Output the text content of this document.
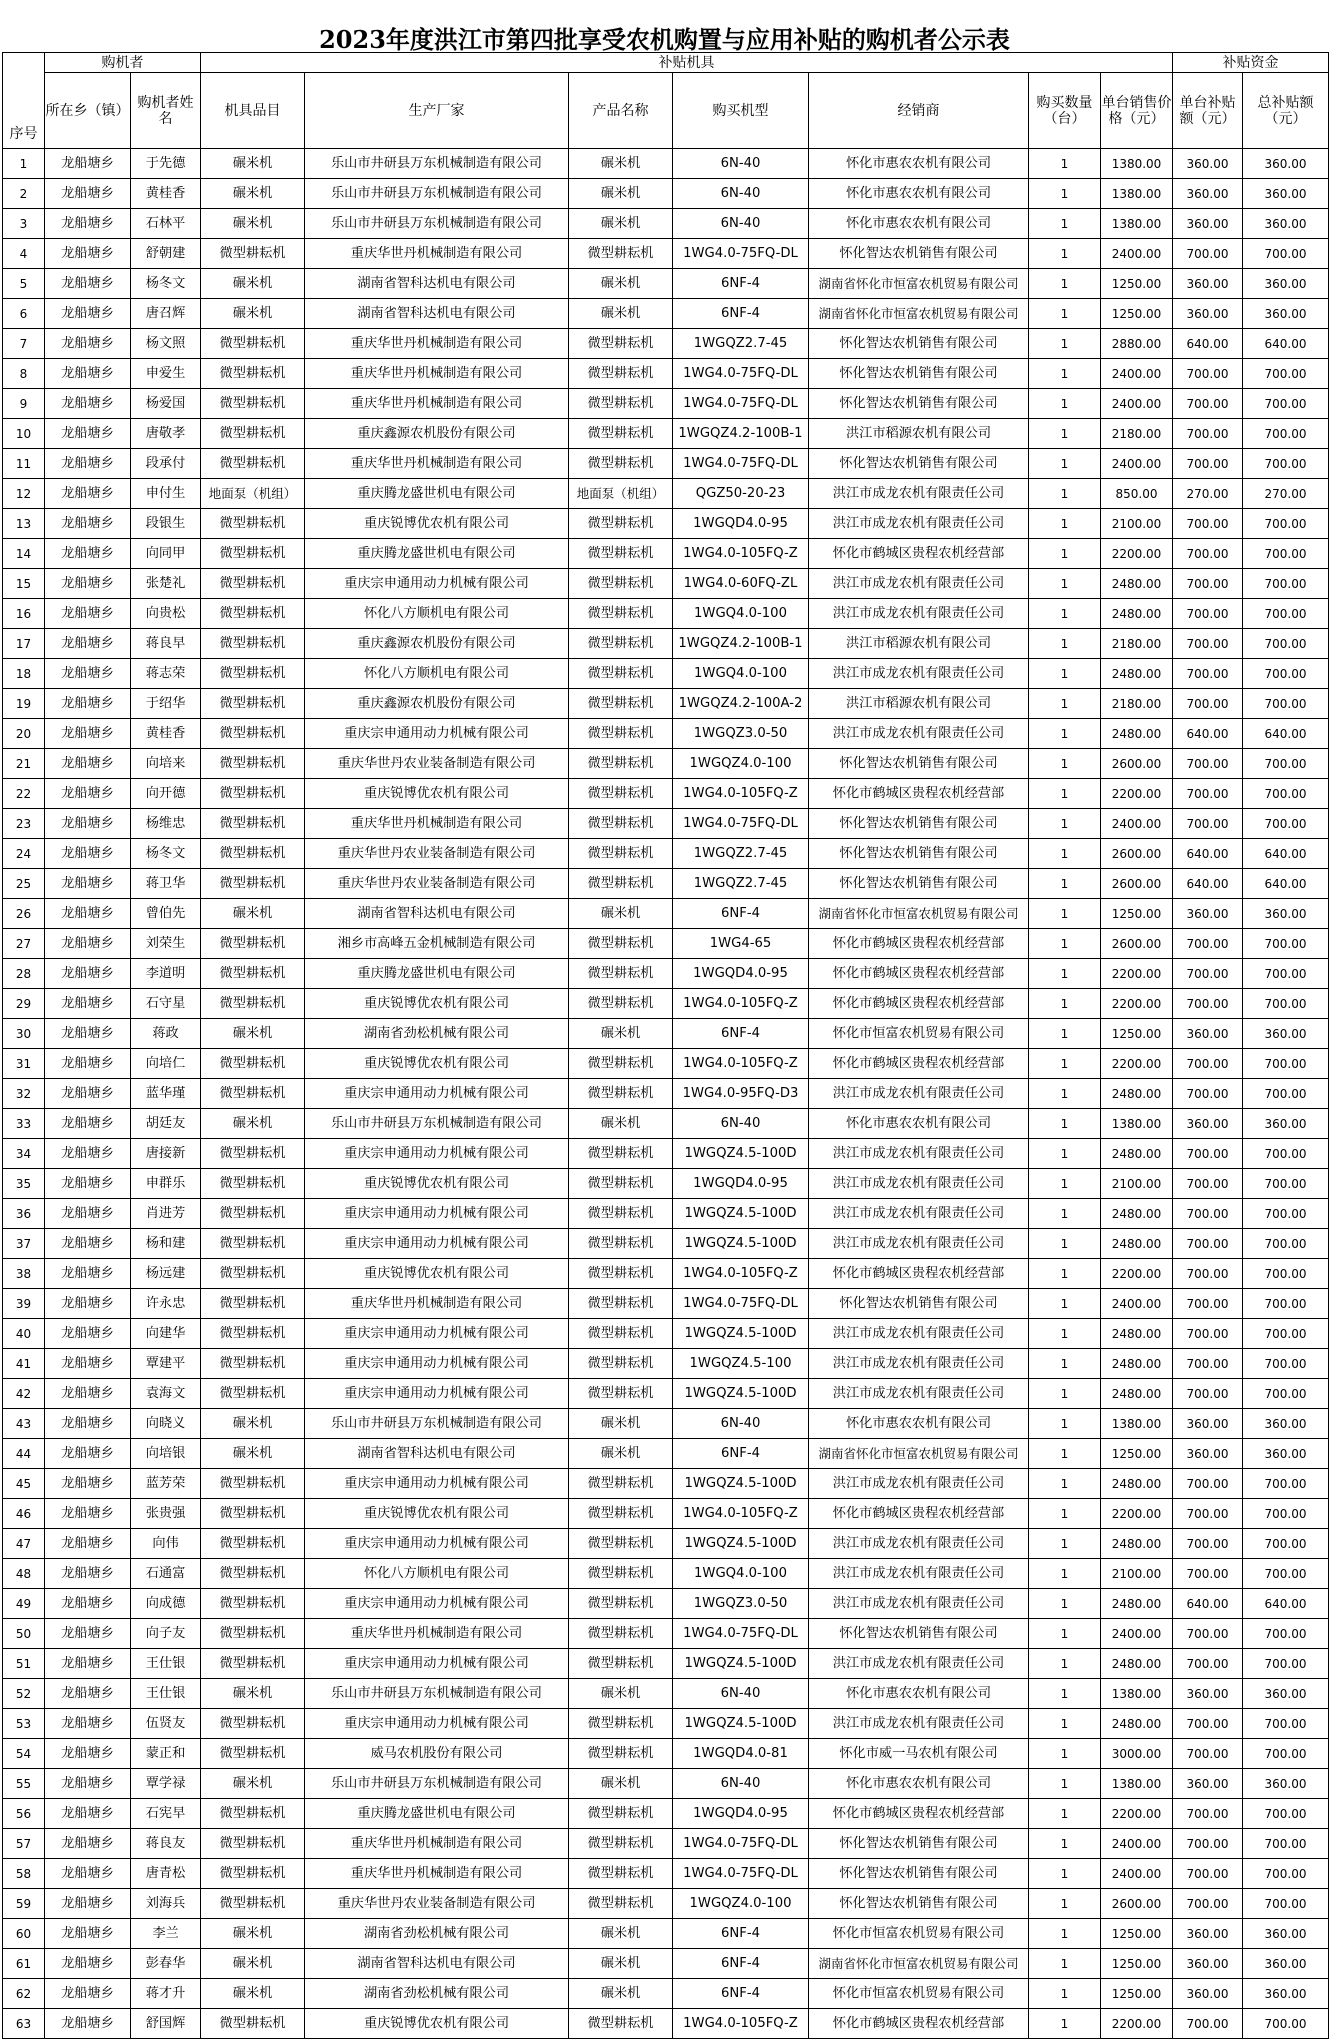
2023年度洪江市第四批享受农机购置与应用补贴的购机者公示表
序号	购机者		补贴机具							补贴资金	
	所在乡（镇）	购机者姓名	机具品目	生产厂家	产品名称	购买机型	经销商	购买数量（台）	单台销售价格（元）	单台补贴额（元）	总补贴额（元）
1	龙船塘乡	于先德	碾米机	乐山市井研县万东机械制造有限公司	碾米机	6N-40	怀化市惠农农机有限公司	1	1380.00	360.00	360.00
2	龙船塘乡	黄桂香	碾米机	乐山市井研县万东机械制造有限公司	碾米机	6N-40	怀化市惠农农机有限公司	1	1380.00	360.00	360.00
3	龙船塘乡	石林平	碾米机	乐山市井研县万东机械制造有限公司	碾米机	6N-40	怀化市惠农农机有限公司	1	1380.00	360.00	360.00
4	龙船塘乡	舒朝建	微型耕耘机	重庆华世丹机械制造有限公司	微型耕耘机	1WG4.0-75FQ-DL	怀化智达农机销售有限公司	1	2400.00	700.00	700.00
5	龙船塘乡	杨冬文	碾米机	湖南省智科达机电有限公司	碾米机	6NF-4	湖南省怀化市恒富农机贸易有限公司	1	1250.00	360.00	360.00
6	龙船塘乡	唐召辉	碾米机	湖南省智科达机电有限公司	碾米机	6NF-4	湖南省怀化市恒富农机贸易有限公司	1	1250.00	360.00	360.00
7	龙船塘乡	杨文照	微型耕耘机	重庆华世丹机械制造有限公司	微型耕耘机	1WGQZ2.7-45	怀化智达农机销售有限公司	1	2880.00	640.00	640.00
8	龙船塘乡	申爱生	微型耕耘机	重庆华世丹机械制造有限公司	微型耕耘机	1WG4.0-75FQ-DL	怀化智达农机销售有限公司	1	2400.00	700.00	700.00
9	龙船塘乡	杨爱国	微型耕耘机	重庆华世丹机械制造有限公司	微型耕耘机	1WG4.0-75FQ-DL	怀化智达农机销售有限公司	1	2400.00	700.00	700.00
10	龙船塘乡	唐敬孝	微型耕耘机	重庆鑫源农机股份有限公司	微型耕耘机	1WGQZ4.2-100B-1	洪江市稻源农机有限公司	1	2180.00	700.00	700.00
11	龙船塘乡	段承付	微型耕耘机	重庆华世丹机械制造有限公司	微型耕耘机	1WG4.0-75FQ-DL	怀化智达农机销售有限公司	1	2400.00	700.00	700.00
12	龙船塘乡	申付生	地面泵（机组）	重庆腾龙盛世机电有限公司	地面泵（机组）	QGZ50-20-23	洪江市成龙农机有限责任公司	1	850.00	270.00	270.00
13	龙船塘乡	段银生	微型耕耘机	重庆锐博优农机有限公司	微型耕耘机	1WGQD4.0-95	洪江市成龙农机有限责任公司	1	2100.00	700.00	700.00
14	龙船塘乡	向同甲	微型耕耘机	重庆腾龙盛世机电有限公司	微型耕耘机	1WG4.0-105FQ-Z	怀化市鹤城区贵程农机经营部	1	2200.00	700.00	700.00
15	龙船塘乡	张楚礼	微型耕耘机	重庆宗申通用动力机械有限公司	微型耕耘机	1WG4.0-60FQ-ZL	洪江市成龙农机有限责任公司	1	2480.00	700.00	700.00
16	龙船塘乡	向贵松	微型耕耘机	怀化八方顺机电有限公司	微型耕耘机	1WGQ4.0-100	洪江市成龙农机有限责任公司	1	2480.00	700.00	700.00
17	龙船塘乡	蒋良早	微型耕耘机	重庆鑫源农机股份有限公司	微型耕耘机	1WGQZ4.2-100B-1	洪江市稻源农机有限公司	1	2180.00	700.00	700.00
18	龙船塘乡	蒋志荣	微型耕耘机	怀化八方顺机电有限公司	微型耕耘机	1WGQ4.0-100	洪江市成龙农机有限责任公司	1	2480.00	700.00	700.00
19	龙船塘乡	于绍华	微型耕耘机	重庆鑫源农机股份有限公司	微型耕耘机	1WGQZ4.2-100A-2	洪江市稻源农机有限公司	1	2180.00	700.00	700.00
20	龙船塘乡	黄桂香	微型耕耘机	重庆宗申通用动力机械有限公司	微型耕耘机	1WGQZ3.0-50	洪江市成龙农机有限责任公司	1	2480.00	640.00	640.00
21	龙船塘乡	向培来	微型耕耘机	重庆华世丹农业装备制造有限公司	微型耕耘机	1WGQZ4.0-100	怀化智达农机销售有限公司	1	2600.00	700.00	700.00
22	龙船塘乡	向开德	微型耕耘机	重庆锐博优农机有限公司	微型耕耘机	1WG4.0-105FQ-Z	怀化市鹤城区贵程农机经营部	1	2200.00	700.00	700.00
23	龙船塘乡	杨维忠	微型耕耘机	重庆华世丹机械制造有限公司	微型耕耘机	1WG4.0-75FQ-DL	怀化智达农机销售有限公司	1	2400.00	700.00	700.00
24	龙船塘乡	杨冬文	微型耕耘机	重庆华世丹农业装备制造有限公司	微型耕耘机	1WGQZ2.7-45	怀化智达农机销售有限公司	1	2600.00	640.00	640.00
25	龙船塘乡	蒋卫华	微型耕耘机	重庆华世丹农业装备制造有限公司	微型耕耘机	1WGQZ2.7-45	怀化智达农机销售有限公司	1	2600.00	640.00	640.00
26	龙船塘乡	曾伯先	碾米机	湖南省智科达机电有限公司	碾米机	6NF-4	湖南省怀化市恒富农机贸易有限公司	1	1250.00	360.00	360.00
27	龙船塘乡	刘荣生	微型耕耘机	湘乡市高峰五金机械制造有限公司	微型耕耘机	1WG4-65	怀化市鹤城区贵程农机经营部	1	2600.00	700.00	700.00
28	龙船塘乡	李道明	微型耕耘机	重庆腾龙盛世机电有限公司	微型耕耘机	1WGQD4.0-95	怀化市鹤城区贵程农机经营部	1	2200.00	700.00	700.00
29	龙船塘乡	石守星	微型耕耘机	重庆锐博优农机有限公司	微型耕耘机	1WG4.0-105FQ-Z	怀化市鹤城区贵程农机经营部	1	2200.00	700.00	700.00
30	龙船塘乡	蒋政	碾米机	湖南省劲松机械有限公司	碾米机	6NF-4	怀化市恒富农机贸易有限公司	1	1250.00	360.00	360.00
31	龙船塘乡	向培仁	微型耕耘机	重庆锐博优农机有限公司	微型耕耘机	1WG4.0-105FQ-Z	怀化市鹤城区贵程农机经营部	1	2200.00	700.00	700.00
32	龙船塘乡	蓝华瑾	微型耕耘机	重庆宗申通用动力机械有限公司	微型耕耘机	1WG4.0-95FQ-D3	洪江市成龙农机有限责任公司	1	2480.00	700.00	700.00
33	龙船塘乡	胡廷友	碾米机	乐山市井研县万东机械制造有限公司	碾米机	6N-40	怀化市惠农农机有限公司	1	1380.00	360.00	360.00
34	龙船塘乡	唐接新	微型耕耘机	重庆宗申通用动力机械有限公司	微型耕耘机	1WGQZ4.5-100D	洪江市成龙农机有限责任公司	1	2480.00	700.00	700.00
35	龙船塘乡	申群乐	微型耕耘机	重庆锐博优农机有限公司	微型耕耘机	1WGQD4.0-95	洪江市成龙农机有限责任公司	1	2100.00	700.00	700.00
36	龙船塘乡	肖进芳	微型耕耘机	重庆宗申通用动力机械有限公司	微型耕耘机	1WGQZ4.5-100D	洪江市成龙农机有限责任公司	1	2480.00	700.00	700.00
37	龙船塘乡	杨和建	微型耕耘机	重庆宗申通用动力机械有限公司	微型耕耘机	1WGQZ4.5-100D	洪江市成龙农机有限责任公司	1	2480.00	700.00	700.00
38	龙船塘乡	杨远建	微型耕耘机	重庆锐博优农机有限公司	微型耕耘机	1WG4.0-105FQ-Z	怀化市鹤城区贵程农机经营部	1	2200.00	700.00	700.00
39	龙船塘乡	许永忠	微型耕耘机	重庆华世丹机械制造有限公司	微型耕耘机	1WG4.0-75FQ-DL	怀化智达农机销售有限公司	1	2400.00	700.00	700.00
40	龙船塘乡	向建华	微型耕耘机	重庆宗申通用动力机械有限公司	微型耕耘机	1WGQZ4.5-100D	洪江市成龙农机有限责任公司	1	2480.00	700.00	700.00
41	龙船塘乡	覃建平	微型耕耘机	重庆宗申通用动力机械有限公司	微型耕耘机	1WGQZ4.5-100	洪江市成龙农机有限责任公司	1	2480.00	700.00	700.00
42	龙船塘乡	袁海文	微型耕耘机	重庆宗申通用动力机械有限公司	微型耕耘机	1WGQZ4.5-100D	洪江市成龙农机有限责任公司	1	2480.00	700.00	700.00
43	龙船塘乡	向晓义	碾米机	乐山市井研县万东机械制造有限公司	碾米机	6N-40	怀化市惠农农机有限公司	1	1380.00	360.00	360.00
44	龙船塘乡	向培银	碾米机	湖南省智科达机电有限公司	碾米机	6NF-4	湖南省怀化市恒富农机贸易有限公司	1	1250.00	360.00	360.00
45	龙船塘乡	蓝芳荣	微型耕耘机	重庆宗申通用动力机械有限公司	微型耕耘机	1WGQZ4.5-100D	洪江市成龙农机有限责任公司	1	2480.00	700.00	700.00
46	龙船塘乡	张贵强	微型耕耘机	重庆锐博优农机有限公司	微型耕耘机	1WG4.0-105FQ-Z	怀化市鹤城区贵程农机经营部	1	2200.00	700.00	700.00
47	龙船塘乡	向伟	微型耕耘机	重庆宗申通用动力机械有限公司	微型耕耘机	1WGQZ4.5-100D	洪江市成龙农机有限责任公司	1	2480.00	700.00	700.00
48	龙船塘乡	石通富	微型耕耘机	怀化八方顺机电有限公司	微型耕耘机	1WGQ4.0-100	洪江市成龙农机有限责任公司	1	2100.00	700.00	700.00
49	龙船塘乡	向成德	微型耕耘机	重庆宗申通用动力机械有限公司	微型耕耘机	1WGQZ3.0-50	洪江市成龙农机有限责任公司	1	2480.00	640.00	640.00
50	龙船塘乡	向子友	微型耕耘机	重庆华世丹机械制造有限公司	微型耕耘机	1WG4.0-75FQ-DL	怀化智达农机销售有限公司	1	2400.00	700.00	700.00
51	龙船塘乡	王仕银	微型耕耘机	重庆宗申通用动力机械有限公司	微型耕耘机	1WGQZ4.5-100D	洪江市成龙农机有限责任公司	1	2480.00	700.00	700.00
52	龙船塘乡	王仕银	碾米机	乐山市井研县万东机械制造有限公司	碾米机	6N-40	怀化市惠农农机有限公司	1	1380.00	360.00	360.00
53	龙船塘乡	伍贤友	微型耕耘机	重庆宗申通用动力机械有限公司	微型耕耘机	1WGQZ4.5-100D	洪江市成龙农机有限责任公司	1	2480.00	700.00	700.00
54	龙船塘乡	蒙正和	微型耕耘机	威马农机股份有限公司	微型耕耘机	1WGQD4.0-81	怀化市威一马农机有限公司	1	3000.00	700.00	700.00
55	龙船塘乡	覃学禄	碾米机	乐山市井研县万东机械制造有限公司	碾米机	6N-40	怀化市惠农农机有限公司	1	1380.00	360.00	360.00
56	龙船塘乡	石宪早	微型耕耘机	重庆腾龙盛世机电有限公司	微型耕耘机	1WGQD4.0-95	怀化市鹤城区贵程农机经营部	1	2200.00	700.00	700.00
57	龙船塘乡	蒋良友	微型耕耘机	重庆华世丹机械制造有限公司	微型耕耘机	1WG4.0-75FQ-DL	怀化智达农机销售有限公司	1	2400.00	700.00	700.00
58	龙船塘乡	唐青松	微型耕耘机	重庆华世丹机械制造有限公司	微型耕耘机	1WG4.0-75FQ-DL	怀化智达农机销售有限公司	1	2400.00	700.00	700.00
59	龙船塘乡	刘海兵	微型耕耘机	重庆华世丹农业装备制造有限公司	微型耕耘机	1WGQZ4.0-100	怀化智达农机销售有限公司	1	2600.00	700.00	700.00
60	龙船塘乡	李兰	碾米机	湖南省劲松机械有限公司	碾米机	6NF-4	怀化市恒富农机贸易有限公司	1	1250.00	360.00	360.00
61	龙船塘乡	彭春华	碾米机	湖南省智科达机电有限公司	碾米机	6NF-4	湖南省怀化市恒富农机贸易有限公司	1	1250.00	360.00	360.00
62	龙船塘乡	蒋才升	碾米机	湖南省劲松机械有限公司	碾米机	6NF-4	怀化市恒富农机贸易有限公司	1	1250.00	360.00	360.00
63	龙船塘乡	舒国辉	微型耕耘机	重庆锐博优农机有限公司	微型耕耘机	1WG4.0-105FQ-Z	怀化市鹤城区贵程农机经营部	1	2200.00	700.00	700.00
